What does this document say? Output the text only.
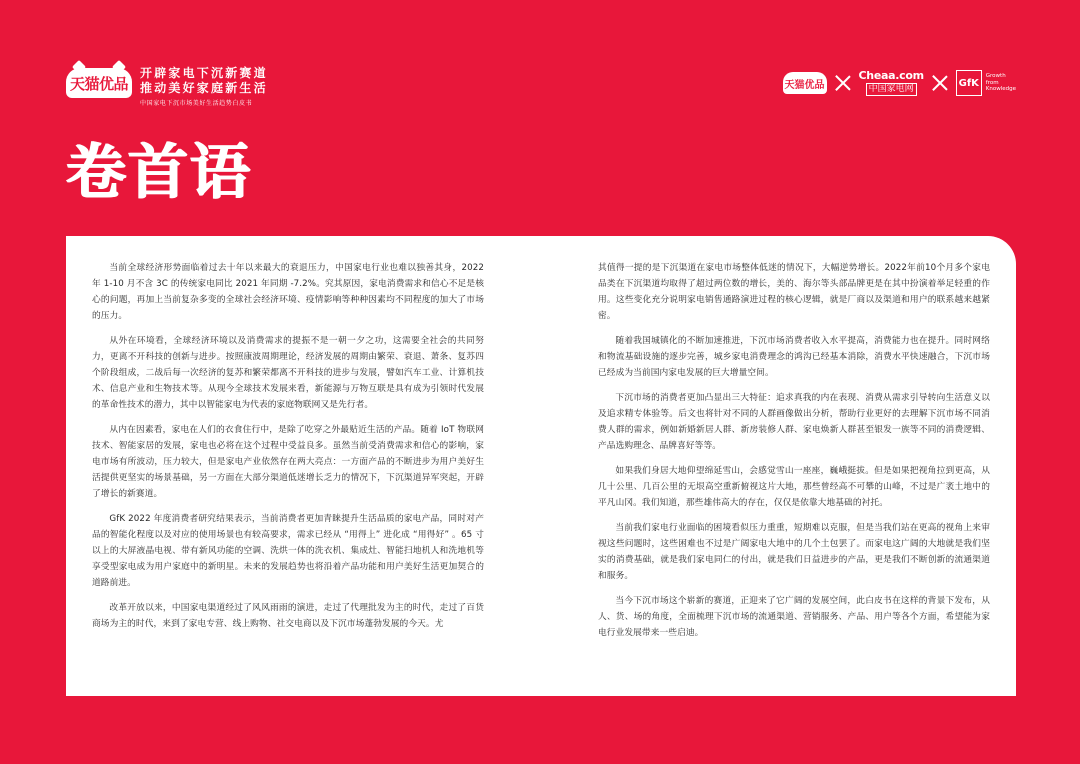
天猫优品
开辟家电下沉新赛道
推动美好家庭新生活
中国家电下沉市场美好生活趋势白皮书
天猫优品
Cheaa.com
中国家电网
GfK
Growth
from
Knowledge
卷首语

当前全球经济形势面临着过去十年以来最大的衰退压力，中国家电行业也难以独善其身，2022 年 1-10 月不含 3C 的传统家电同比 2021 年同期 -7.2%。究其原因，家电消费需求和信心不足是核心的问题，再加上当前复杂多变的全球社会经济环境、疫情影响等种种因素均不同程度的加大了市场的压力。

从外在环境看，全球经济环境以及消费需求的提振不是一朝一夕之功，这需要全社会的共同努力，更离不开科技的创新与进步。按照康波周期理论，经济发展的周期由繁荣、衰退、萧条、复苏四个阶段组成，二战后每一次经济的复苏和繁荣都离不开科技的进步与发展，譬如汽车工业、计算机技术、信息产业和生物技术等。从现今全球技术发展来看，新能源与万物互联是具有成为引领时代发展的革命性技术的潜力，其中以智能家电为代表的家庭物联网又是先行者。

从内在因素看，家电在人们的衣食住行中，是除了吃穿之外最贴近生活的产品。随着 IoT 物联网技术、智能家居的发展，家电也必将在这个过程中受益良多。虽然当前受消费需求和信心的影响，家电市场有所波动，压力较大，但是家电产业依然存在两大亮点：一方面产品的不断进步为用户美好生活提供更坚实的场景基础，另一方面在大部分渠道低迷增长乏力的情况下，下沉渠道异军突起，开辟了增长的新赛道。

GfK 2022 年度消费者研究结果表示，当前消费者更加青睐提升生活品质的家电产品，同时对产品的智能化程度以及对应的使用场景也有较高要求，需求已经从 “用得上” 进化成 “用得好” 。65 寸以上的大屏液晶电视、带有新风功能的空调、洗烘一体的洗衣机、集成灶、智能扫地机人和洗地机等享受型家电成为用户家庭中的新明星。未来的发展趋势也将沿着产品功能和用户美好生活更加契合的道路前进。

改革开放以来，中国家电渠道经过了风风雨雨的演进，走过了代理批发为主的时代，走过了百货商场为主的时代，来到了家电专营、线上购物、社交电商以及下沉市场蓬勃发展的今天。尤

其值得一提的是下沉渠道在家电市场整体低迷的情况下，大幅逆势增长。2022年前10个月多个家电品类在下沉渠道均取得了超过两位数的增长，美的、海尔等头部品牌更是在其中扮演着举足轻重的作用。这些变化充分说明家电销售通路演进过程的核心逻辑，就是厂商以及渠道和用户的联系越来越紧密。

随着我国城镇化的不断加速推进，下沉市场消费者收入水平提高，消费能力也在提升。同时网络和物流基础设施的逐步完善，城乡家电消费理念的鸿沟已经基本消除，消费水平快速融合，下沉市场已经成为当前国内家电发展的巨大增量空间。

下沉市场的消费者更加凸显出三大特征：追求真我的内在表现、消费从需求引导转向生活意义以及追求精专体验等。后文也将针对不同的人群画像做出分析，帮助行业更好的去理解下沉市场不同消费人群的需求，例如新婚新居人群、新房装修人群、家电焕新人群甚至银发一族等不同的消费逻辑、产品选购理念、品牌喜好等等。

如果我们身居大地仰望绵延雪山，会感觉雪山一座座，巍峨挺拔。但是如果把视角拉到更高，从几十公里、几百公里的无垠高空重新俯视这片大地，那些曾经高不可攀的山峰，不过是广袤土地中的平凡山冈。我们知道，那些雄伟高大的存在，仅仅是依靠大地基础的衬托。

当前我们家电行业面临的困境看似压力重重，短期难以克服，但是当我们站在更高的视角上来审视这些问题时，这些困难也不过是广阔家电大地中的几个土包罢了。而家电这广阔的大地就是我们坚实的消费基础，就是我们家电同仁的付出，就是我们日益进步的产品，更是我们不断创新的流通渠道和服务。

当今下沉市场这个崭新的赛道，正迎来了它广阔的发展空间，此白皮书在这样的背景下发布，从人、货、场的角度，全面梳理下沉市场的流通渠道、营销服务、产品、用户等各个方面，希望能为家电行业发展带来一些启迪。
